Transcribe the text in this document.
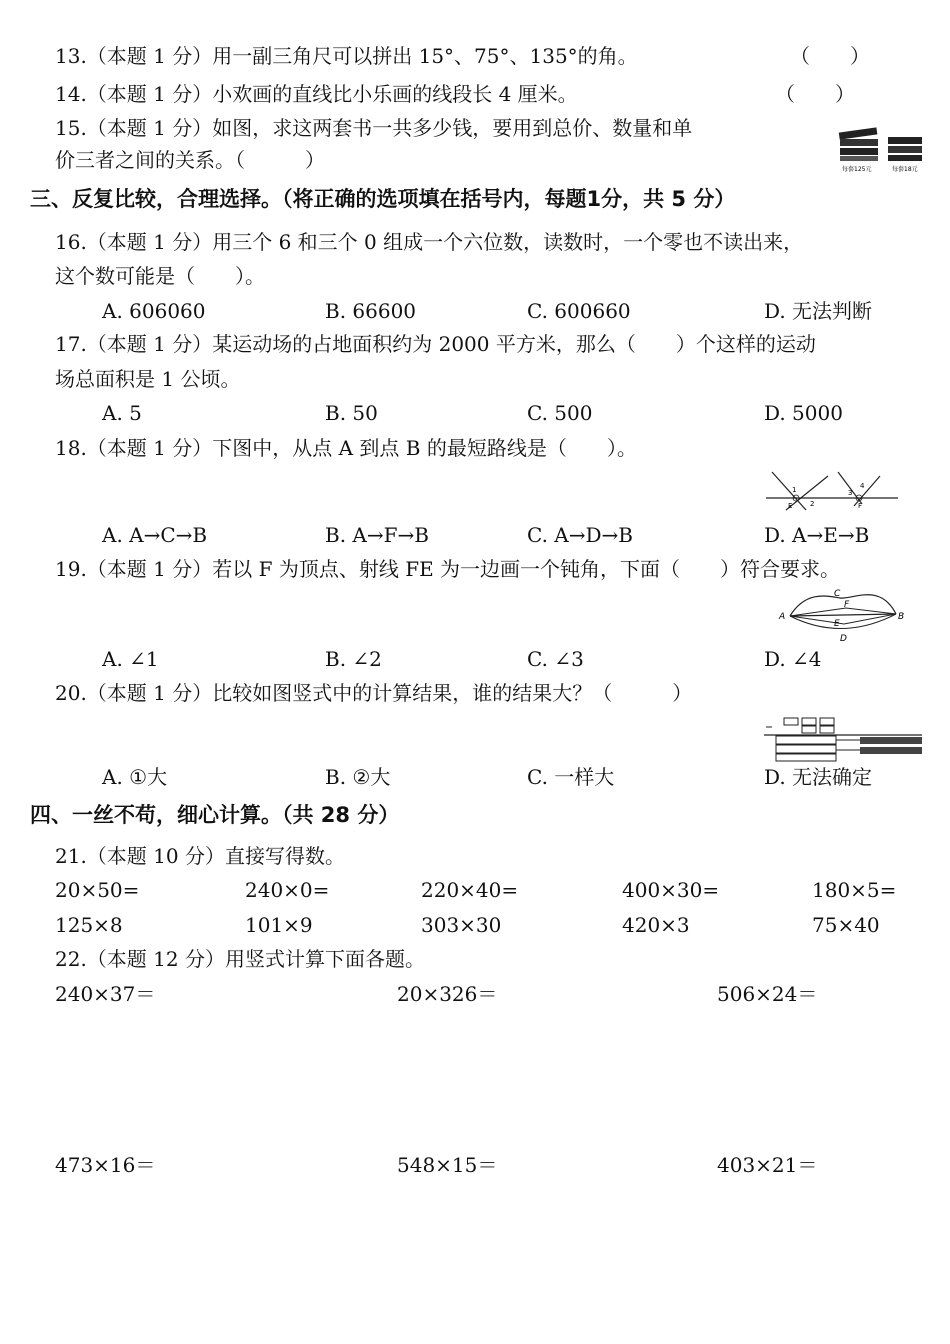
13.（本题 1 分）用一副三角尺可以拼出 15°、75°、135°的角。	（　　）
14.（本题 1 分）小欢画的直线比小乐画的线段长 4 厘米。	（　　）
15.（本题 1 分）如图，求这两套书一共多少钱，要用到总价、数量和单
价三者之间的关系。（　　　）	每套125元	每套18元
三、反复比较，合理选择。（将正确的选项填在括号内，每题1分，共 5 分）
16.（本题 1 分）用三个 6 和三个 0 组成一个六位数，读数时，一个零也不读出来，
这个数可能是（　　）。
A. 606060	B. 66600	C. 600660	D. 无法判断
17.（本题 1 分）某运动场的占地面积约为 2000 平方米，那么（　　）个这样的运动
场总面积是 1 公顷。
A. 5	B. 50	C. 500	D. 5000
18.（本题 1 分）下图中，从点 A 到点 B 的最短路线是（　　）。
1
2
3
4
E	F
A. A→C→B	B. A→F→B	C. A→D→B	D. A→E→B
19.（本题 1 分）若以 F 为顶点、射线 FE 为一边画一个钝角，下面（　　）符合要求。
A	B
C
D
E
F
A. ∠1	B. ∠2	C. ∠3	D. ∠4
20.（本题 1 分）比较如图竖式中的计算结果，谁的结果大？（　　　）
A. ①大	B. ②大	C. 一样大	D. 无法确定
四、一丝不苟，细心计算。（共 28 分）
21.（本题 10 分）直接写得数。
20×50=	240×0=	220×40=	400×30=	180×5=
125×8	101×9	303×30	420×3	75×40
22.（本题 12 分）用竖式计算下面各题。
240×37＝	20×326＝	506×24＝
473×16＝	548×15＝	403×21＝
